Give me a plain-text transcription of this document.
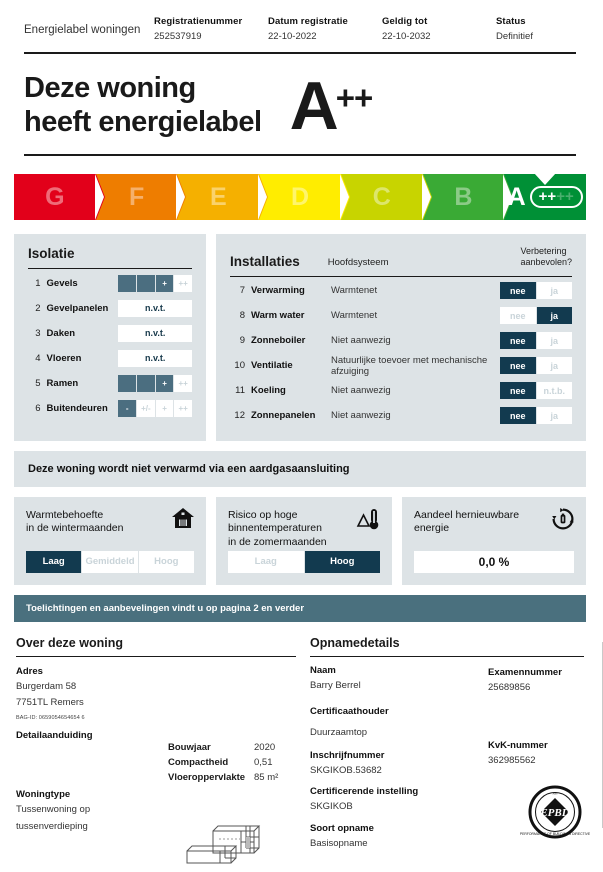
Energielabel woningen
Registratienummer
252537919
Datum registratie
22-10-2022
Geldig tot
22-10-2032
Status
Definitief
Deze woning
heeft energielabel A ++
G	F	E	D	C	B A ++ ++
Isolatie
1 Gevels	+	++
2 Gevelpanelen	n.v.t.
3 Daken	n.v.t.
4 Vloeren	n.v.t.
5 Ramen	+	++
6 Buitendeuren	-	+/-	+	++
Installaties	Hoofdsysteem
Verbetering
aanbevolen?
7 Verwarming	Warmtenet	nee	ja
8 Warm water	Warmtenet	nee	ja
9 Zonneboiler	Niet aanwezig	nee	ja
10 Ventilatie	Natuurlijke toevoer met mechanische afzuiging	nee	ja
11 Koeling	Niet aanwezig	nee	n.t.b.
12 Zonnepanelen	Niet aanwezig	nee	ja
Deze woning wordt niet verwarmd via een aardgasaansluiting
Warmtebehoefte
in de wintermaanden
Laag	Gemiddeld	Hoog
Risico op hoge
binnentemperaturen
in de zomermaanden
Laag	Hoog
Aandeel hernieuwbare
energie
0,0 %
Toelichtingen en aanbevelingen vindt u op pagina 2 en verder
Over deze woning
Adres
Burgerdam 58
7751TL Remers
BAG-ID: 0659054654654 6
Detailaanduiding
Woningtype
Tussenwoning op
tussenverdieping
Bouwjaar	2020
Compactheid	0,51
Vloeroppervlakte 85 m²
Opnamedetails
Naam
Barry Berrel
Certificaathouder
Duurzaamtop
Inschrijfnummer
SKGIKOB.53682
Certificerende instelling
SKGIKOB
Soort opname
Basisopname
Examennummer
25689856
KvK-nummer
362985562
EPBD
XII
PERFORMANCE OF BUILDINGS DIRECTIVE
